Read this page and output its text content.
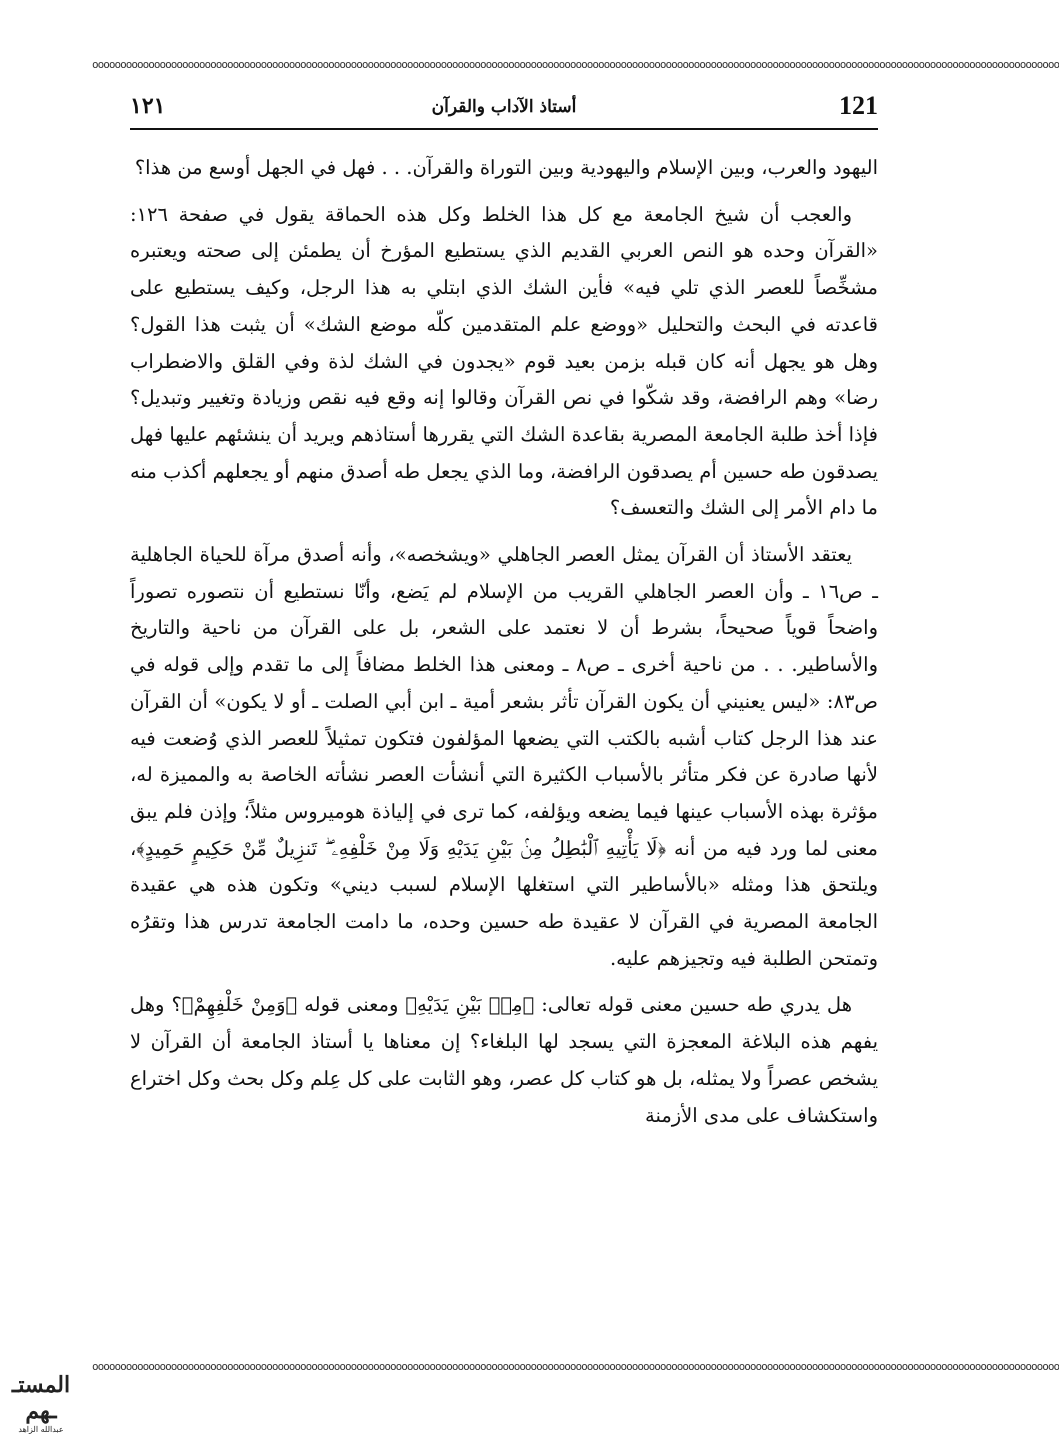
oooooooooooooooooooooooooooooooooooooooooooooooooooooooooooooooooooooooooooooooooooooooooooooooooooooooooooooooooooooooooooooooooooooooooooooooooooooooooooooooooooooooooooo
١٢١	أستاذ الآداب والقرآن	121

اليهود والعرب، وبين الإسلام واليهودية وبين التوراة والقرآن. . . فهل في الجهل أوسع من هذا؟

والعجب أن شيخ الجامعة مع كل هذا الخلط وكل هذه الحماقة يقول في صفحة ١٢٦: «القرآن وحده هو النص العربي القديم الذي يستطيع المؤرخ أن يطمئن إلى صحته ويعتبره مشخِّصاً للعصر الذي تلي فيه» فأين الشك الذي ابتلي به هذا الرجل، وكيف يستطيع على قاعدته في البحث والتحليل «ووضع علم المتقدمين كلّه موضع الشك» أن يثبت هذا القول؟ وهل هو يجهل أنه كان قبله بزمن بعيد قوم «يجدون في الشك لذة وفي القلق والاضطراب رضا» وهم الرافضة، وقد شكّوا في نص القرآن وقالوا إنه وقع فيه نقص وزيادة وتغيير وتبديل؟ فإذا أخذ طلبة الجامعة المصرية بقاعدة الشك التي يقررها أستاذهم ويريد أن ينشئهم عليها فهل يصدقون طه حسين أم يصدقون الرافضة، وما الذي يجعل طه أصدق منهم أو يجعلهم أكذب منه ما دام الأمر إلى الشك والتعسف؟

يعتقد الأستاذ أن القرآن يمثل العصر الجاهلي «ويشخصه»، وأنه أصدق مرآة للحياة الجاهلية ـ ص١٦ ـ وأن العصر الجاهلي القريب من الإسلام لم يَضع، وأنّا نستطيع أن نتصوره تصوراً واضحاً قوياً صحيحاً، بشرط أن لا نعتمد على الشعر، بل على القرآن من ناحية والتاريخ والأساطير. . . من ناحية أخرى ـ ص٨ ـ ومعنى هذا الخلط مضافاً إلى ما تقدم وإلى قوله في ص٨٣: «ليس يعنيني أن يكون القرآن تأثر بشعر أمية ـ ابن أبي الصلت ـ أو لا يكون» أن القرآن عند هذا الرجل كتاب أشبه بالكتب التي يضعها المؤلفون فتكون تمثيلاً للعصر الذي وُضعت فيه لأنها صادرة عن فكر متأثر بالأسباب الكثيرة التي أنشأت العصر نشأته الخاصة به والمميزة له، مؤثرة بهذه الأسباب عينها فيما يضعه ويؤلفه، كما ترى في إلياذة هوميروس مثلاً؛ وإذن فلم يبق معنى لما ورد فيه من أنه ﴿لَا يَأْتِيهِ ٱلْبَٰطِلُ مِنۢ بَيْنِ يَدَيْهِ وَلَا مِنْ خَلْفِهِۦ ۖ تَنزِيلٌ مِّنْ حَكِيمٍ حَمِيدٍ﴾، ويلتحق هذا ومثله «بالأساطير التي استغلها الإسلام لسبب ديني» وتكون هذه هي عقيدة الجامعة المصرية في القرآن لا عقيدة طه حسين وحده، ما دامت الجامعة تدرس هذا وتقرُه وتمتحن الطلبة فيه وتجيزهم عليه.

هل يدري طه حسين معنى قوله تعالى: ﴿مِنۢ بَيْنِ يَدَيْهِ﴾ ومعنى قوله ﴿وَمِنْ خَلْفِهِمْ﴾؟ وهل يفهم هذه البلاغة المعجزة التي يسجد لها البلغاء؟ إن معناها يا أستاذ الجامعة أن القرآن لا يشخص عصراً ولا يمثله، بل هو كتاب كل عصر، وهو الثابت على كل عِلم وكل بحث وكل اختراع واستكشاف على مدى الأزمنة

oooooooooooooooooooooooooooooooooooooooooooooooooooooooooooooooooooooooooooooooooooooooooooooooooooooooooooooooooooooooooooooooooooooooooooooooooooooooooooooooooooooooooooo
المستـ ـهم
عبدالله الزاهد
